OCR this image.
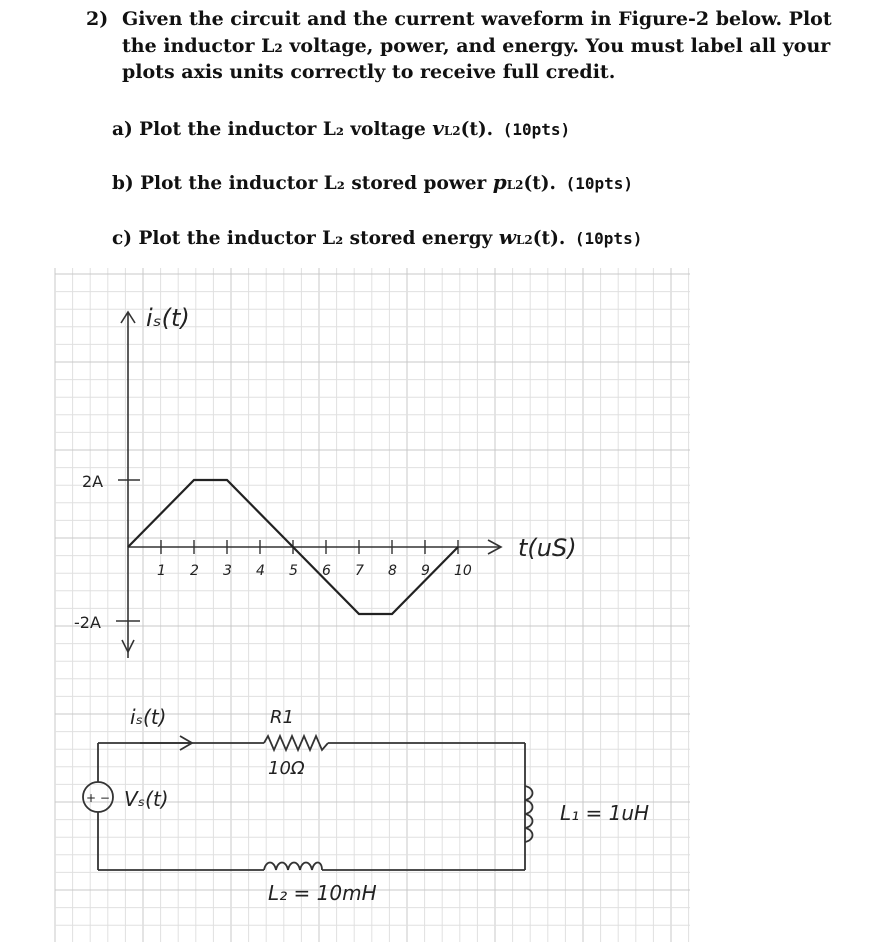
2) Given the circuit and the current waveform in Figure-2 below. Plot the inductor L₂ voltage, power, and energy. You must label all your plots axis units correctly to receive full credit.
a) Plot the inductor L₂ voltage vL2(t). (10pts)
b) Plot the inductor L₂ stored power pL2(t). (10pts)
c) Plot the inductor L₂ stored energy wL2(t). (10pts)
1 2 3 4 5 6 7 8 9 10
2A
-2A
iₛ(t)
t(uS)
+ −
iₛ(t)
Vₛ(t)
R1
10Ω
L₁ = 1uH
L₂ = 10mH
